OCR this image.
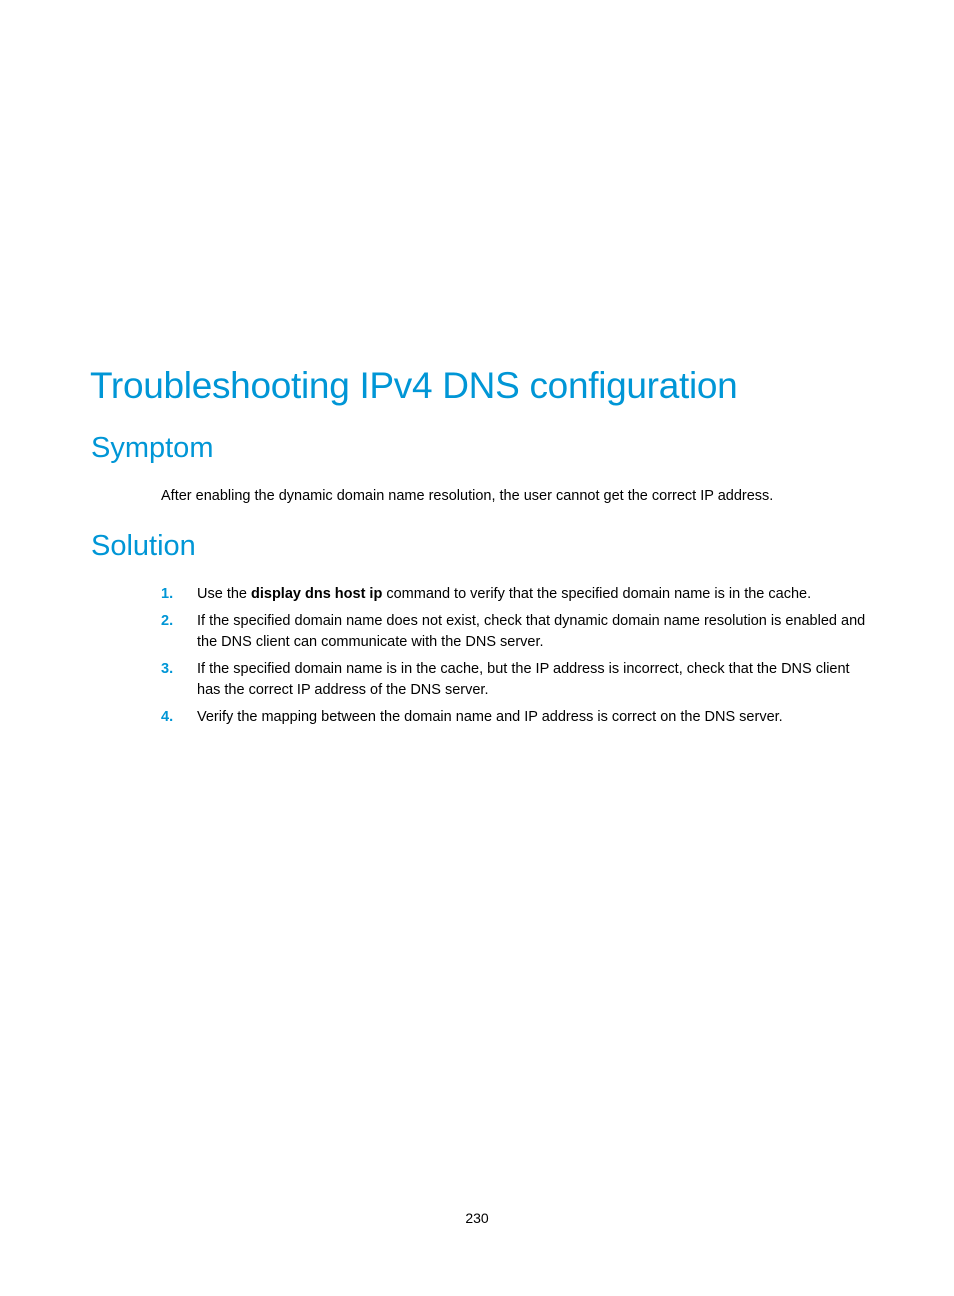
Troubleshooting IPv4 DNS configuration
Symptom

After enabling the dynamic domain name resolution, the user cannot get the correct IP address.

Solution
1. Use the display dns host ip command to verify that the specified domain name is in the cache.
2. If the specified domain name does not exist, check that dynamic domain name resolution is enabled and the DNS client can communicate with the DNS server.
3. If the specified domain name is in the cache, but the IP address is incorrect, check that the DNS client has the correct IP address of the DNS server.
4. Verify the mapping between the domain name and IP address is correct on the DNS server.
230
